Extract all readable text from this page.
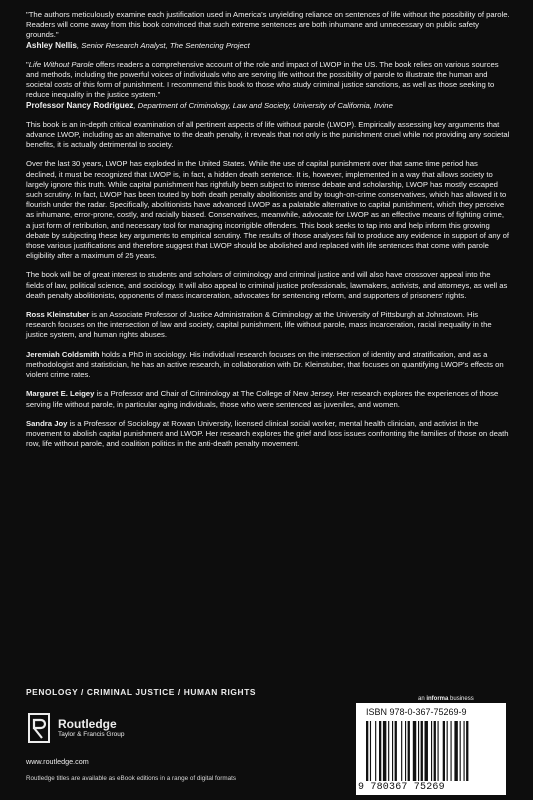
"The authors meticulously examine each justification used in America's unyielding reliance on sentences of life without the possibility of parole. Readers will come away from this book convinced that such extreme sentences are both inhumane and unnecessary on public safety grounds."

Ashley Nellis, Senior Research Analyst, The Sentencing Project

"Life Without Parole offers readers a comprehensive account of the role and impact of LWOP in the US. The book relies on various sources and methods, including the powerful voices of individuals who are serving life without the possibility of parole to illustrate the human and societal costs of this form of punishment. I recommend this book to those who study criminal justice sanctions, as well as those seeking to reduce inequality in the justice system."

Professor Nancy Rodriguez, Department of Criminology, Law and Society, University of California, Irvine

This book is an in-depth critical examination of all pertinent aspects of life without parole (LWOP). Empirically assessing key arguments that advance LWOP, including as an alternative to the death penalty, it reveals that not only is the punishment cruel while not providing any societal benefits, it is actually detrimental to society.

Over the last 30 years, LWOP has exploded in the United States. While the use of capital punishment over that same time period has declined, it must be recognized that LWOP is, in fact, a hidden death sentence. It is, however, implemented in a way that allows society to largely ignore this truth. While capital punishment has rightfully been subject to intense debate and scholarship, LWOP has mostly escaped such scrutiny. In fact, LWOP has been touted by both death penalty abolitionists and by tough-on-crime conservatives, which has allowed it to flourish under the radar. Specifically, abolitionists have advanced LWOP as a palatable alternative to capital punishment, which they perceive as inhumane, error-prone, costly, and racially biased. Conservatives, meanwhile, advocate for LWOP as an effective means of fighting crime, a just form of retribution, and necessary tool for managing incorrigible offenders. This book seeks to tap into and help inform this growing debate by subjecting these key arguments to empirical scrutiny. The results of those analyses fail to produce any evidence in support of any of those various justifications and therefore suggest that LWOP should be abolished and replaced with life sentences that come with parole eligibility after a maximum of 25 years.

The book will be of great interest to students and scholars of criminology and criminal justice and will also have crossover appeal into the fields of law, political science, and sociology. It will also appeal to criminal justice professionals, lawmakers, activists, and attorneys, as well as death penalty abolitionists, opponents of mass incarceration, advocates for sentencing reform, and supporters of prisoners' rights.

Ross Kleinstuber is an Associate Professor of Justice Administration & Criminology at the University of Pittsburgh at Johnstown. His research focuses on the intersection of law and society, capital punishment, life without parole, mass incarceration, racial inequality in the justice system, and human rights abuses.

Jeremiah Coldsmith holds a PhD in sociology. His individual research focuses on the intersection of identity and stratification, and as a methodologist and statistician, he has an active research, in collaboration with Dr. Kleinstuber, that focuses on quantifying LWOP's effects on violent crime rates.

Margaret E. Leigey is a Professor and Chair of Criminology at The College of New Jersey. Her research explores the experiences of those serving life without parole, in particular aging individuals, those who were sentenced as juveniles, and women.

Sandra Joy is a Professor of Sociology at Rowan University, licensed clinical social worker, mental health clinician, and activist in the movement to abolish capital punishment and LWOP. Her research explores the grief and loss issues confronting the families of those on death row, life without parole, and coalition politics in the anti-death penalty movement.

PENOLOGY / CRIMINAL JUSTICE / HUMAN RIGHTS
an informa business
Routledge
Taylor & Francis Group
www.routledge.com
Routledge titles are available as eBook editions in a range of digital formats
ISBN 978-0-367-75269-9
9 780367 75269
